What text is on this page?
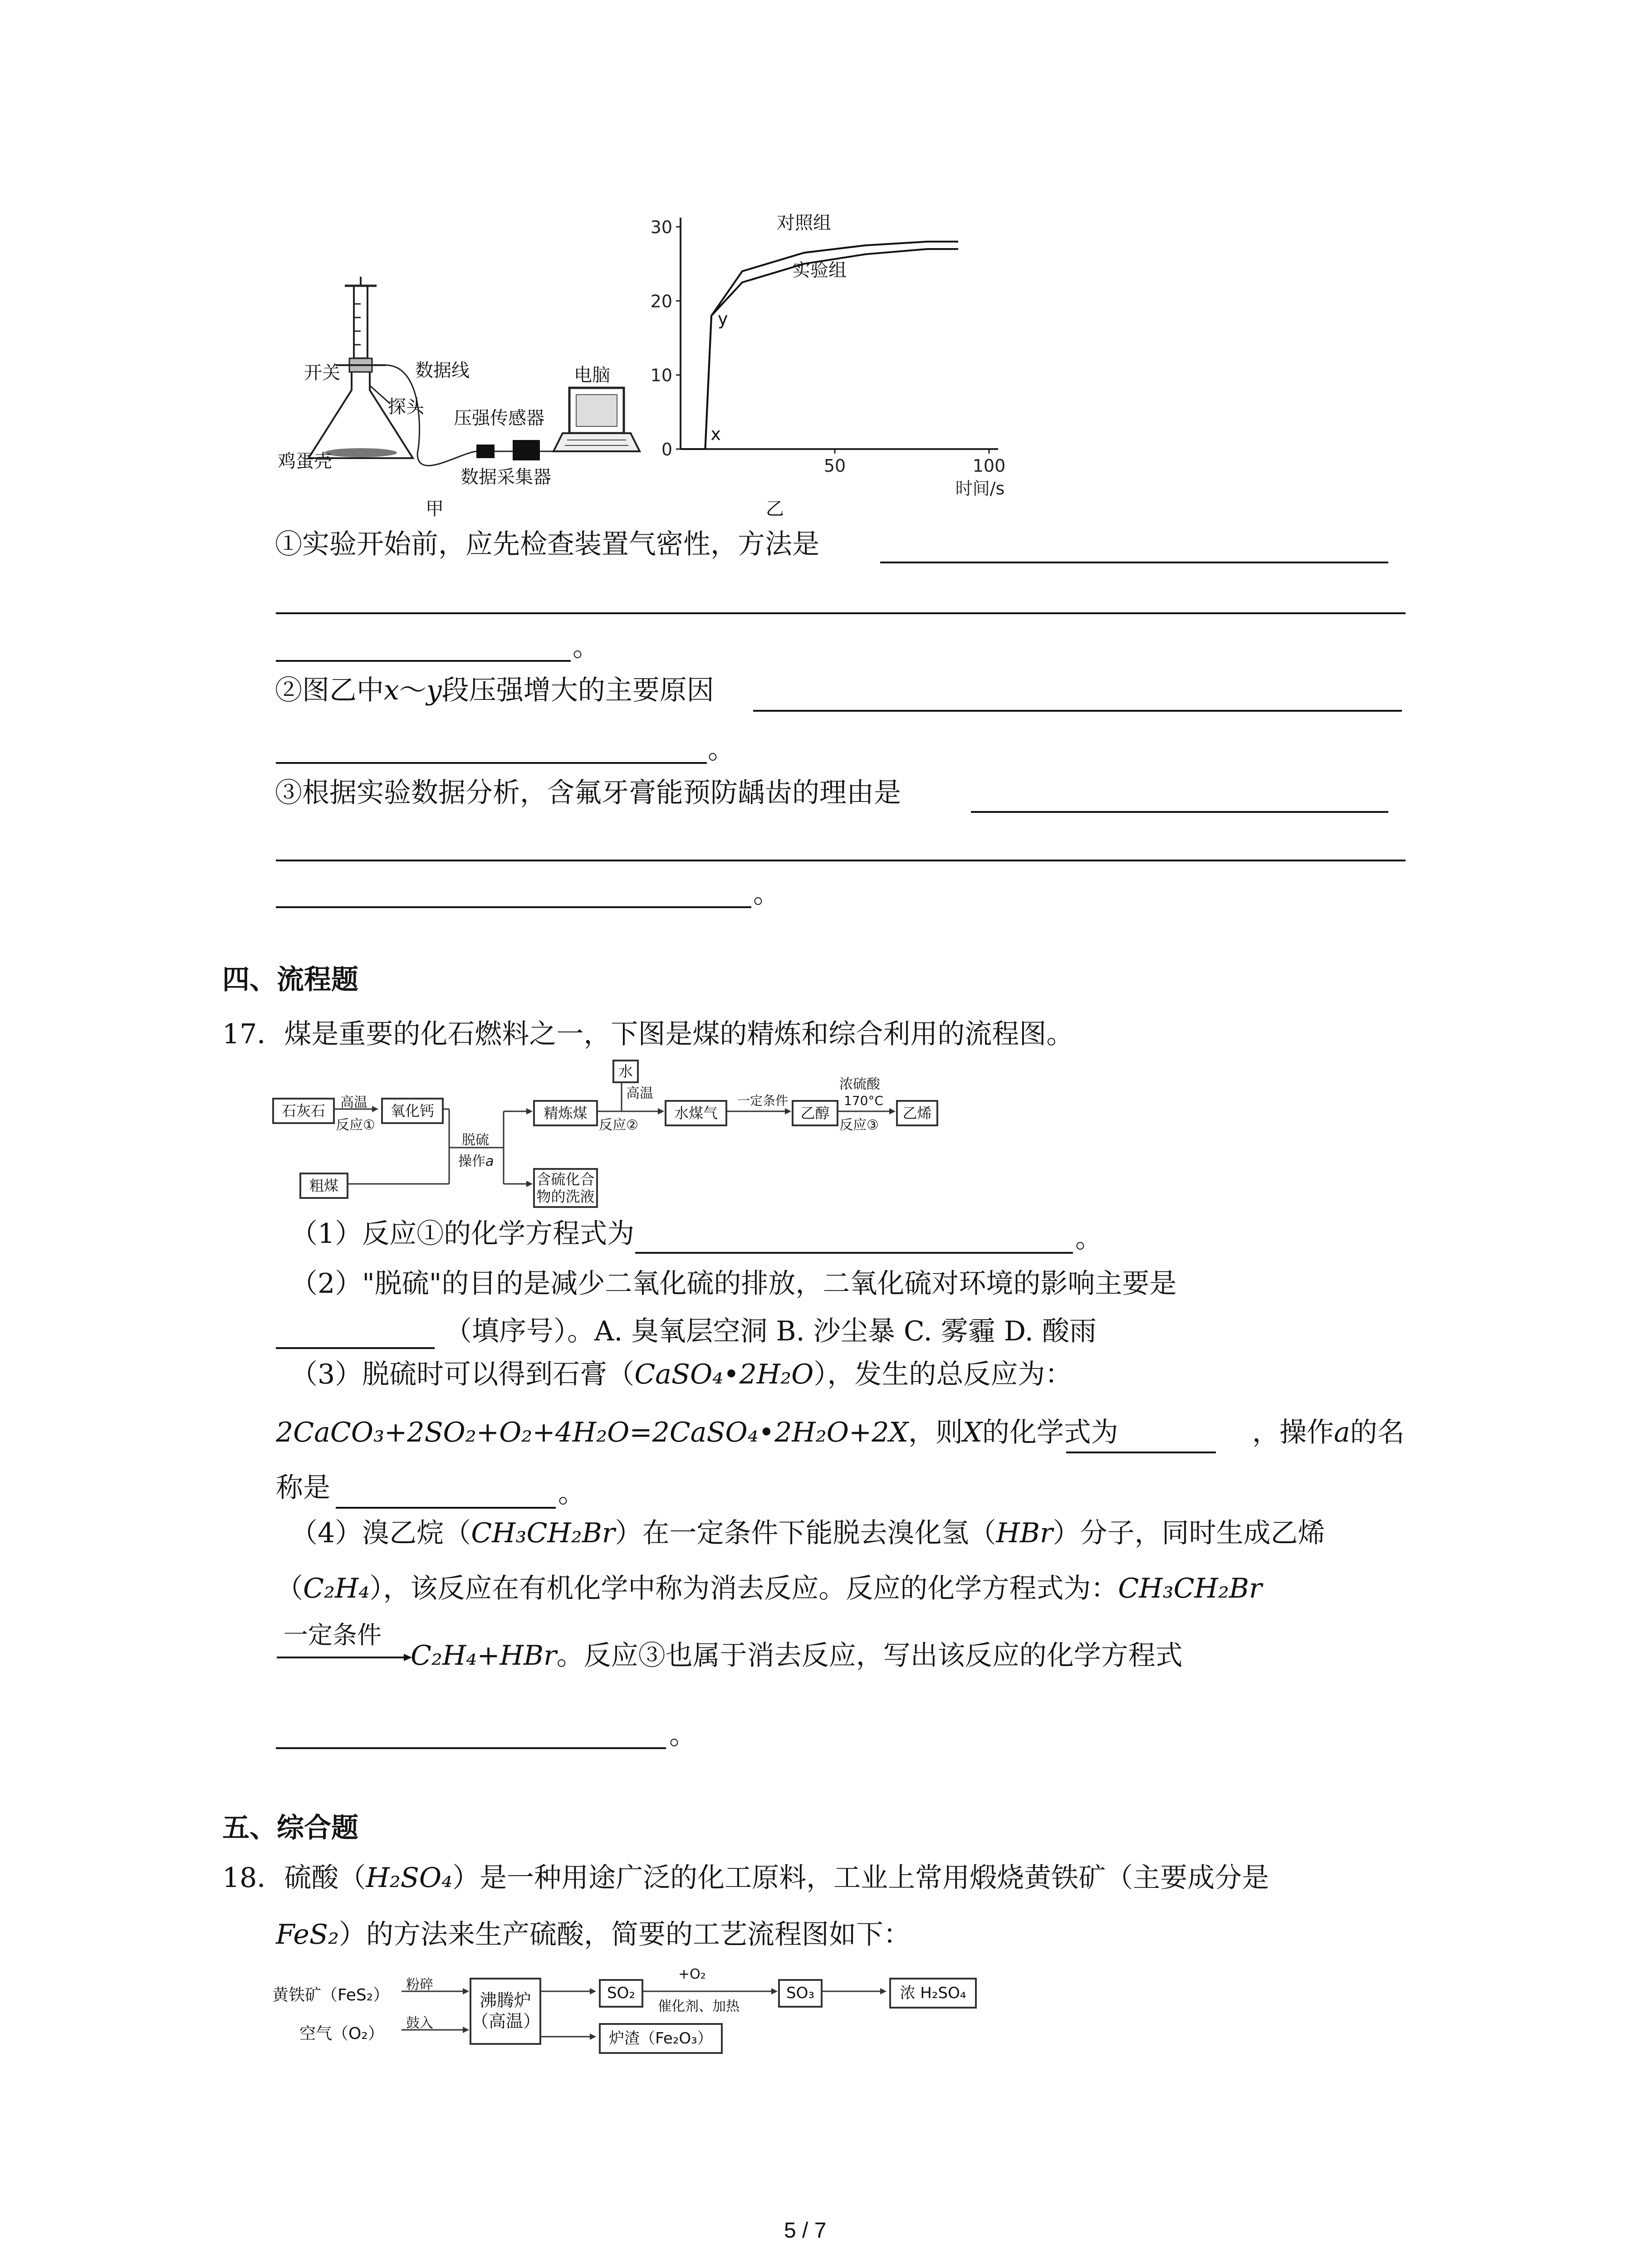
开关	数据线
探头
电脑
压强传感器
鸡蛋壳
数据采集器
甲
0
10
20
30
50	100
时间/s
对照组
实验组
x
y
乙
①实验开始前，应先检查装置气密性，方法是
。
②图乙中x～y段压强增大的主要原因
。
③根据实验数据分析，含氟牙膏能预防龋齿的理由是
。
四、流程题
17．煤是重要的化石燃料之一，下图是煤的精炼和综合利用的流程图。
石灰石	高温
反应①
氧化钙
粗煤
脱硫
操作a
精炼煤
水
高温
反应②
水煤气
一定条件
乙醇
浓硫酸
170°C
反应③
乙烯
含硫化合
物的洗液
（1）反应①的化学方程式为	。
（2）"脱硫"的目的是减少二氧化硫的排放，二氧化硫对环境的影响主要是
（填序号）。A. 臭氧层空洞 B. 沙尘暴 C. 雾霾 D. 酸雨
（3）脱硫时可以得到石膏（CaSO₄•2H₂O），发生的总反应为：
2CaCO₃+2SO₂+O₂+4H₂O=2CaSO₄•2H₂O+2X，则X的化学式为	，操作a的名
称是	。
（4）溴乙烷（CH₃CH₂Br）在一定条件下能脱去溴化氢（HBr）分子，同时生成乙烯
（C₂H₄），该反应在有机化学中称为消去反应。反应的化学方程式为：CH₃CH₂Br
一定条件
C₂H₄+HBr。反应③也属于消去反应，写出该反应的化学方程式
。
五、综合题
18．硫酸（H₂SO₄）是一种用途广泛的化工原料，工业上常用煅烧黄铁矿（主要成分是
FeS₂）的方法来生产硫酸，简要的工艺流程图如下：
黄铁矿（FeS₂）
粉碎
空气（O₂）
鼓入
沸腾炉
（高温）
SO₂
+O₂
催化剂、加热
SO₃	浓 H₂SO₄
炉渣（Fe₂O₃）
5 / 7
